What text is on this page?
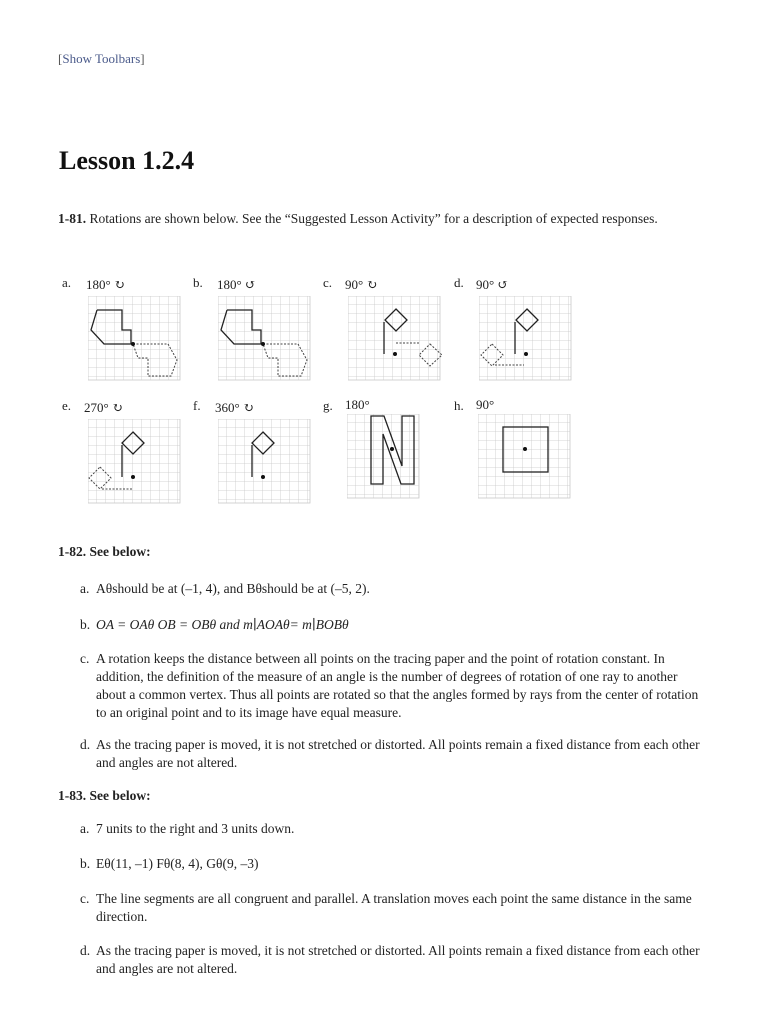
[Show Toolbars]
Lesson 1.2.4
1-81. Rotations are shown below. See the “Suggested Lesson Activity” for a description of expected responses.
a. 180° ↻	b. 180° ↺	c. 90° ↻	d. 90° ↺
e. 270° ↻	f. 360° ↻	g. 180°	h. 90°
1-82. See below:
a. Aθshould be at (–1, 4), and Bθshould be at (–5, 2).
b. OA = OAθ OB = OBθ and m∣AOAθ= m∣BOBθ
c. A rotation keeps the distance between all points on the tracing paper and the point of rotation constant. In addition, the definition of the measure of an angle is the number of degrees of rotation of one ray to another about a common vertex. Thus all points are rotated so that the angles formed by rays from the center of rotation to an original point and to its image have equal measure.
d. As the tracing paper is moved, it is not stretched or distorted. All points remain a fixed distance from each other and angles are not altered.
1-83. See below:
a. 7 units to the right and 3 units down.
b. Eθ(11, –1) Fθ(8, 4), Gθ(9, –3)
c. The line segments are all congruent and parallel. A translation moves each point the same distance in the same direction.
d. As the tracing paper is moved, it is not stretched or distorted. All points remain a fixed distance from each other and angles are not altered.
